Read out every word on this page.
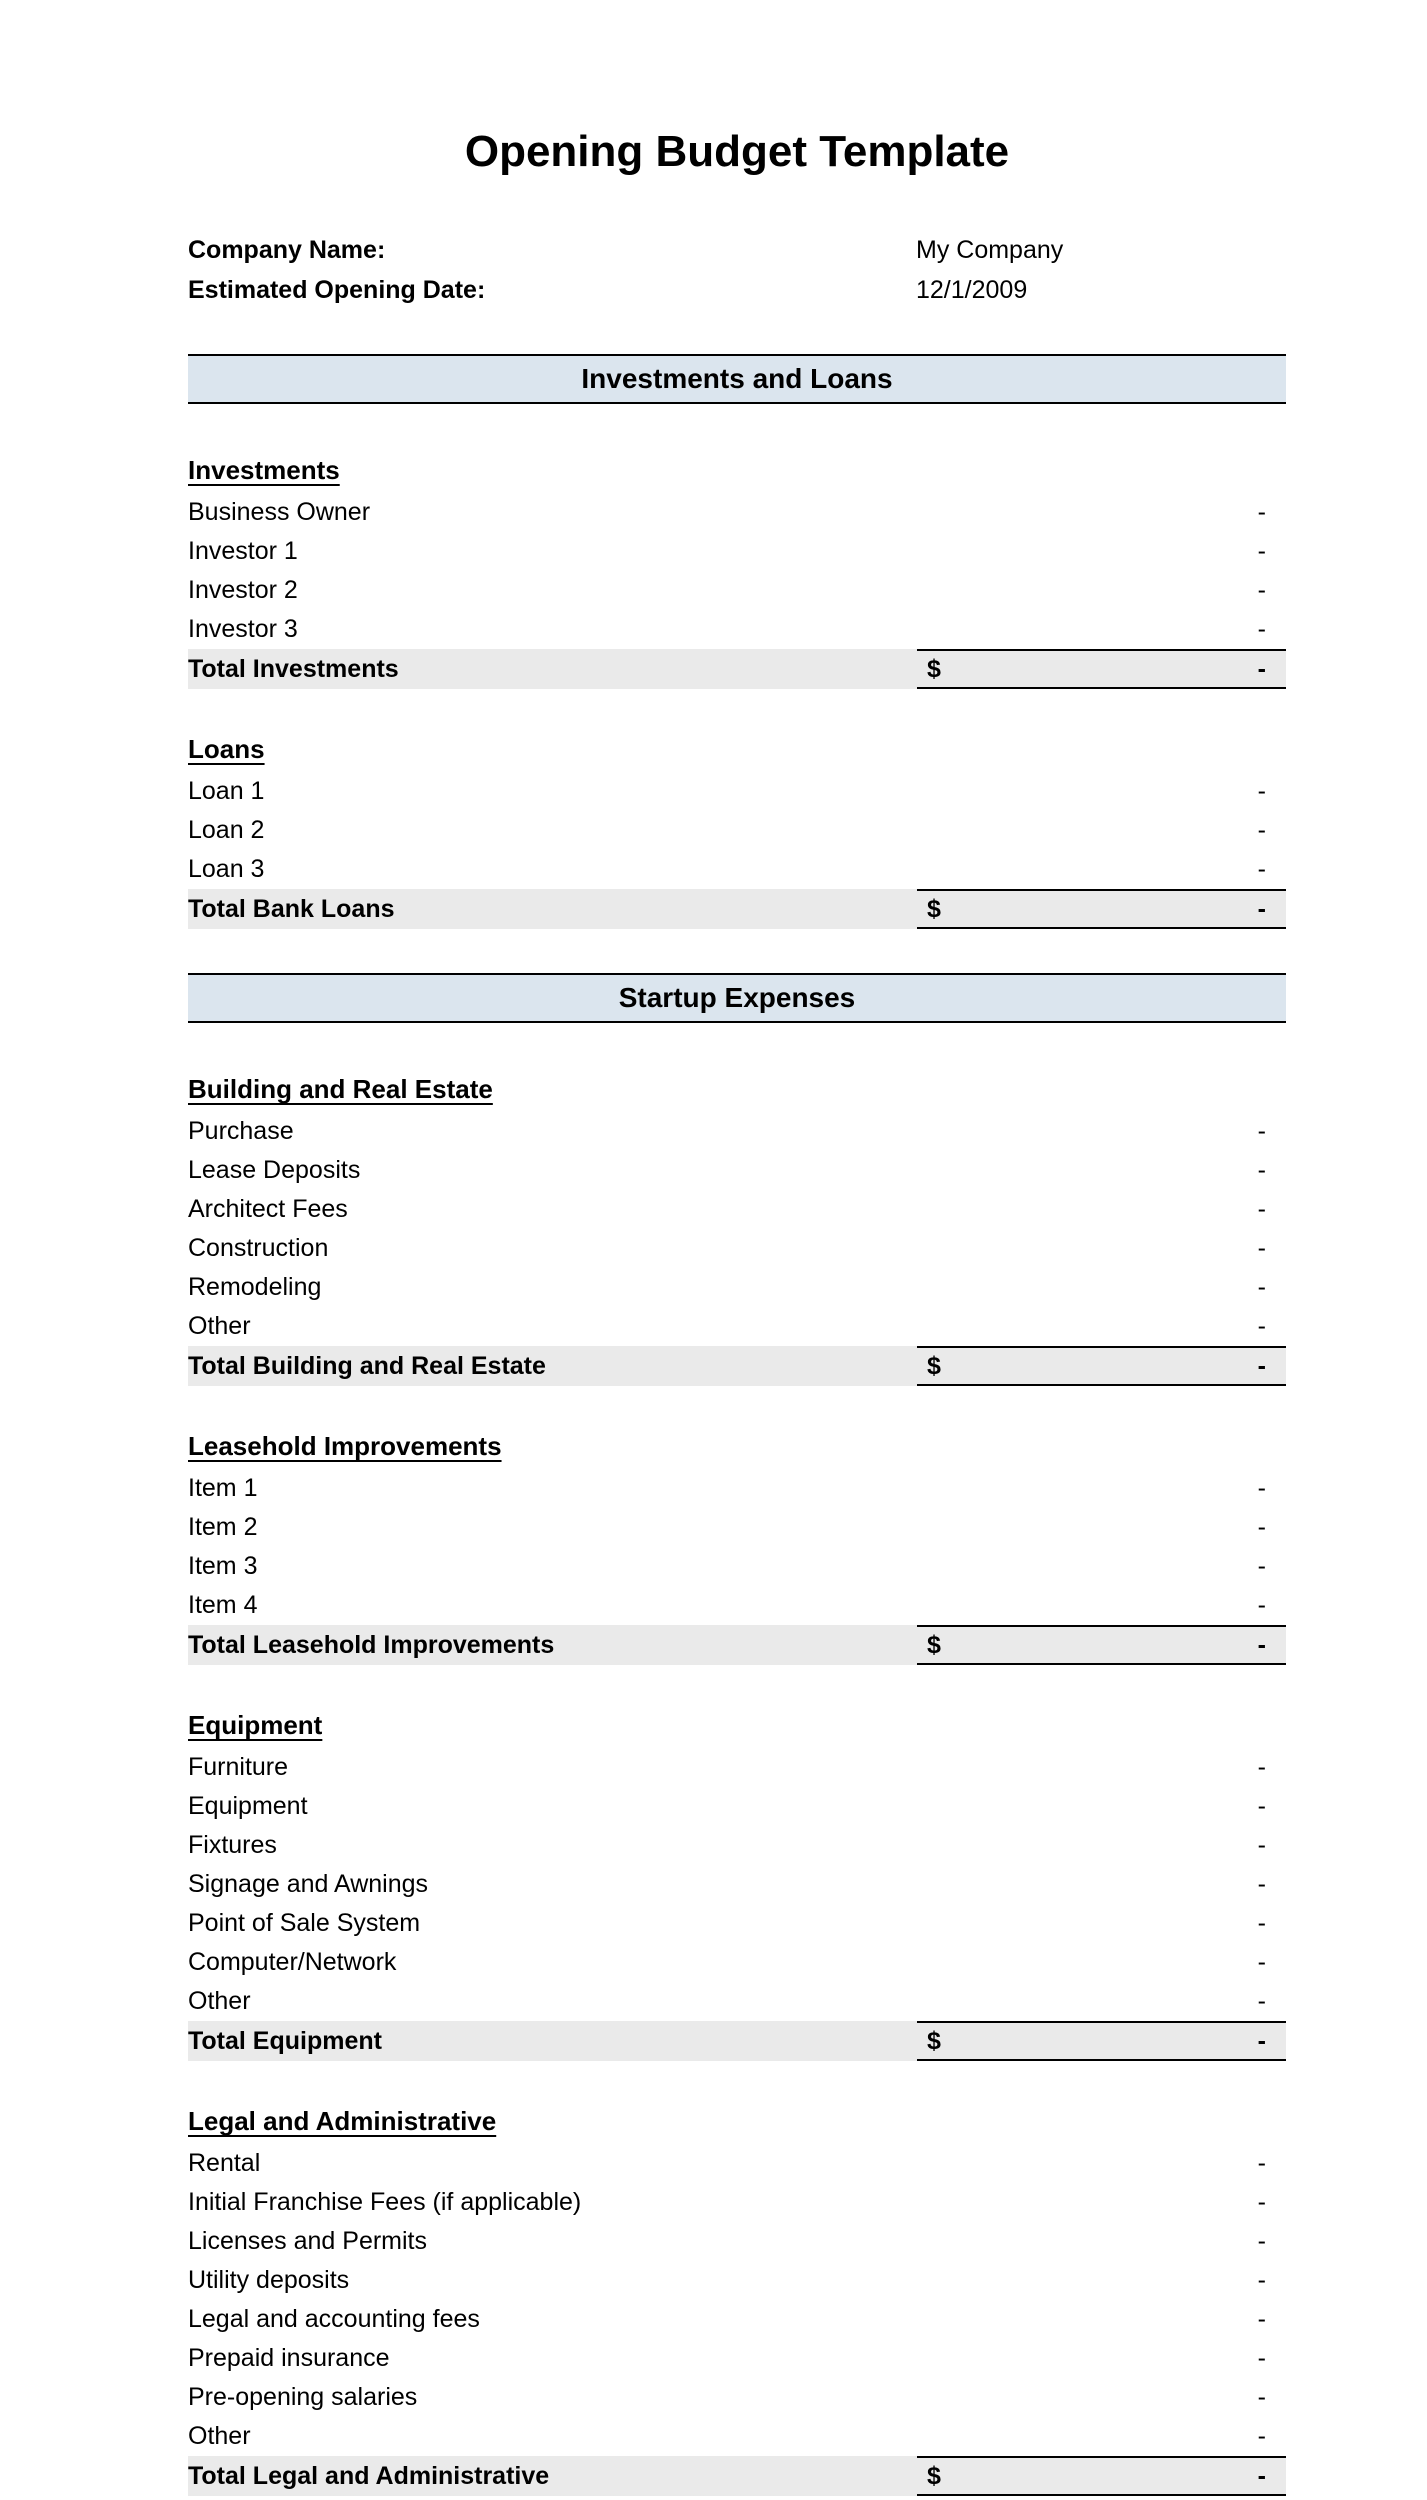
Opening Budget Template
Company Name:	My Company
Estimated Opening Date:	12/1/2009
Investments and Loans
Investments
Business Owner	-
Investor 1	-
Investor 2	-
Investor 3	-
Total Investments	$	-
Loans
Loan 1	-
Loan 2	-
Loan 3	-
Total Bank Loans	$	-
Startup Expenses
Building and Real Estate
Purchase	-
Lease Deposits	-
Architect Fees	-
Construction	-
Remodeling	-
Other	-
Total Building and Real Estate	$	-
Leasehold Improvements
Item 1	-
Item 2	-
Item 3	-
Item 4	-
Total Leasehold Improvements	$	-
Equipment
Furniture	-
Equipment	-
Fixtures	-
Signage and Awnings	-
Point of Sale System	-
Computer/Network	-
Other	-
Total Equipment	$	-
Legal and Administrative
Rental	-
Initial Franchise Fees (if applicable)	-
Licenses and Permits	-
Utility deposits	-
Legal and accounting fees	-
Prepaid insurance	-
Pre-opening salaries	-
Other	-
Total Legal and Administrative	$	-
